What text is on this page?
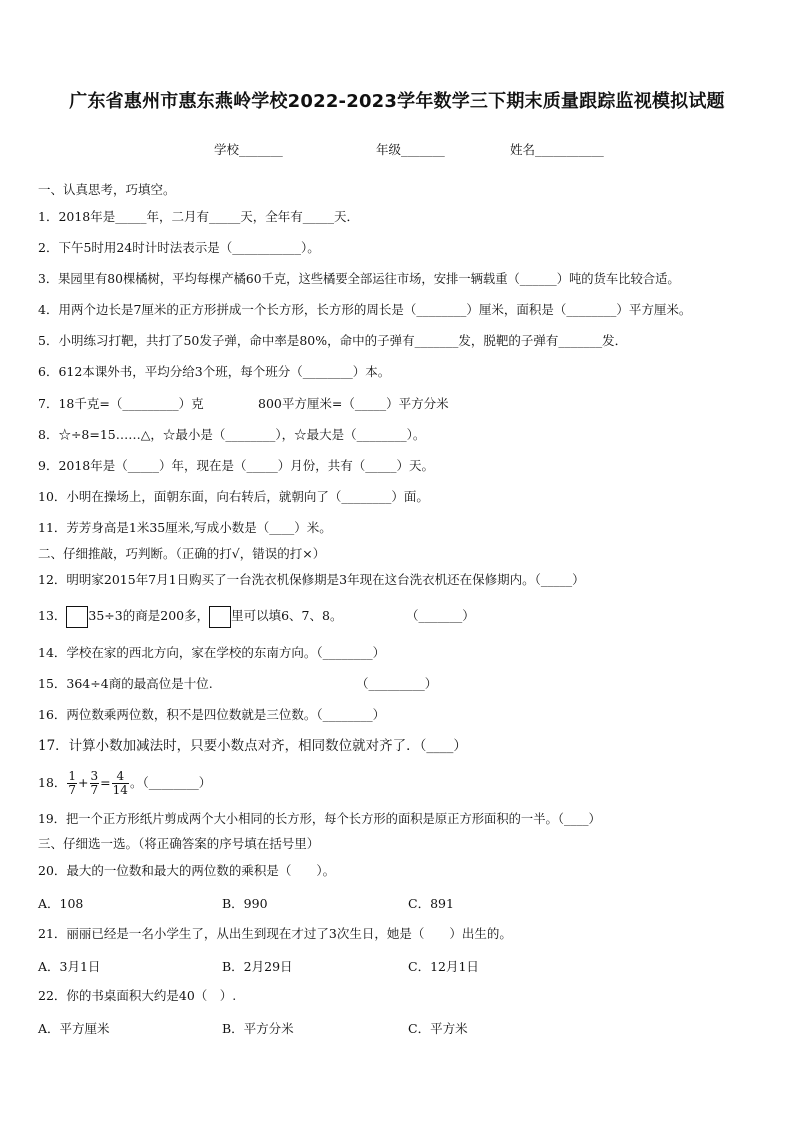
广东省惠州市惠东燕岭学校2022-2023学年数学三下期末质量跟踪监视模拟试题
学校_______	年级_______	姓名___________
一、认真思考，巧填空。
1．2018年是_____年，二月有_____天，全年有_____天．
2．下午5时用24时计时法表示是（___________）。
3．果园里有80棵橘树，平均每棵产橘60千克，这些橘要全部运往市场，安排一辆载重（______）吨的货车比较合适。
4．用两个边长是7厘米的正方形拼成一个长方形，长方形的周长是（________）厘米，面积是（________）平方厘米。
5．小明练习打靶，共打了50发子弹，命中率是80%，命中的子弹有_______发，脱靶的子弹有_______发．
6．612本课外书，平均分给3个班，每个班分（________）本。
7．18千克=（_________）克	800平方厘米=（_____）平方分米
8．☆÷8=15……△，☆最小是（________），☆最大是（________）。
9．2018年是（_____）年，现在是（_____）月份，共有（_____）天。
10．小明在操场上，面朝东面，向右转后，就朝向了（________）面。
11．芳芳身高是1米35厘米,写成小数是（____）米。
二、仔细推敲，巧判断。（正确的打√，错误的打×）
12．明明家2015年7月1日购买了一台洗衣机保修期是3年现在这台洗衣机还在保修期内。（_____）
13． 35÷3的商是200多， 里可以填6、7、8。	（_______）
14．学校在家的西北方向，家在学校的东南方向。（________）
15．364÷4商的最高位是十位.	（_________）
16．两位数乘两位数，积不是四位数就是三位数。（________）
17．计算小数加减法时，只要小数点对齐，相同数位就对齐了．（____）
18． $\frac{1}{7} + \frac{3}{7} = \frac{4}{14}$ 。（________）
19．把一个正方形纸片剪成两个大小相同的长方形，每个长方形的面积是原正方形面积的一半。（____）
三、仔细选一选。（将正确答案的序号填在括号里）
20．最大的一位数和最大的两位数的乘积是（　　）。
A．108	B．990	C．891
21．丽丽已经是一名小学生了，从出生到现在才过了3次生日，她是（　　）出生的。
A．3月1日	B．2月29日	C．12月1日
22．你的书桌面积大约是40（　）.
A．平方厘米	B．平方分米	C．平方米
